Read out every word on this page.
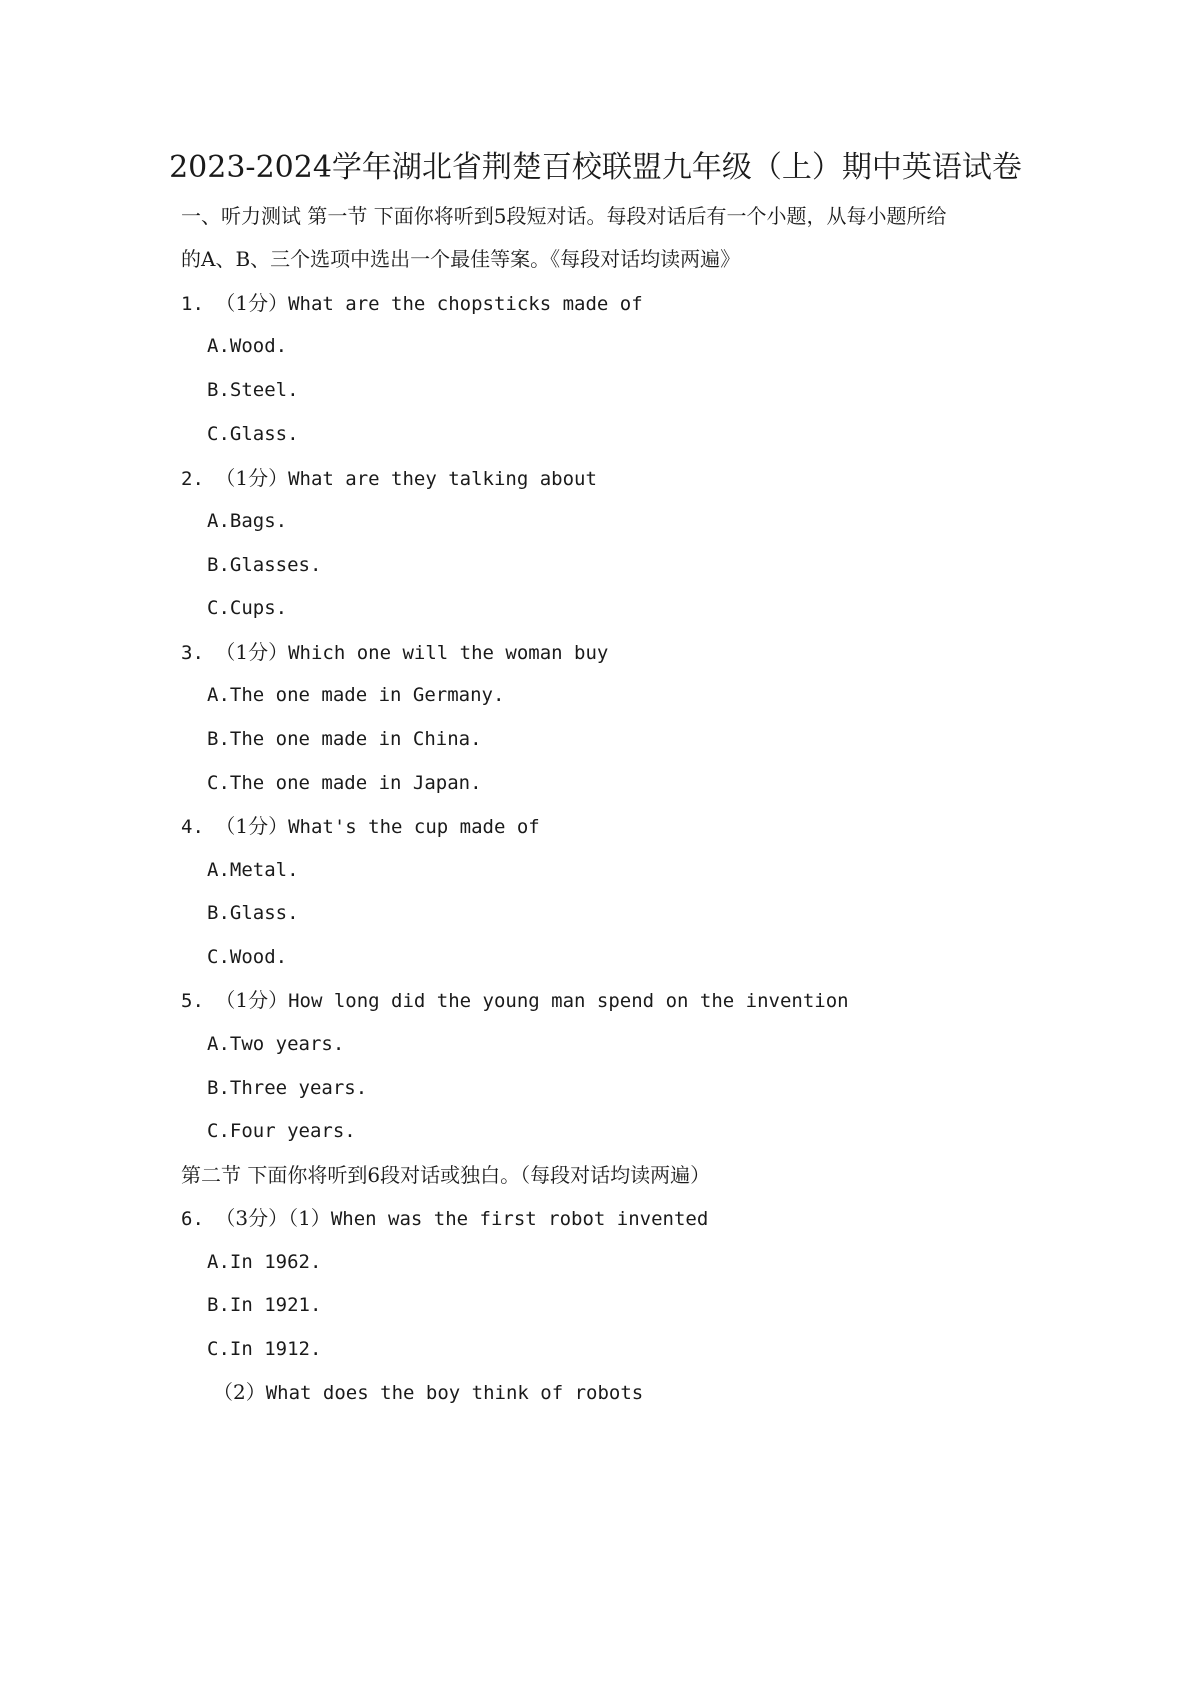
2023-2024学年湖北省荆楚百校联盟九年级（上）期中英语试卷
一、听力测试 第一节 下面你将听到5段短对话。每段对话后有一个小题，从每小题所给
的A、B、三个选项中选出一个最佳等案。《每段对话均读两遍》
1. （1分）What are the chopsticks made of
A.Wood.
B.Steel.
C.Glass.
2. （1分）What are they talking about
A.Bags.
B.Glasses.
C.Cups.
3. （1分）Which one will the woman buy
A.The one made in Germany.
B.The one made in China.
C.The one made in Japan.
4. （1分）What's the cup made of
A.Metal.
B.Glass.
C.Wood.
5. （1分）How long did the young man spend on the invention
A.Two years.
B.Three years.
C.Four years.
第二节 下面你将听到6段对话或独白。（每段对话均读两遍）
6. （3分）（1）When was the first robot invented
A.In 1962.
B.In 1921.
C.In 1912.
（2）What does the boy think of robots
